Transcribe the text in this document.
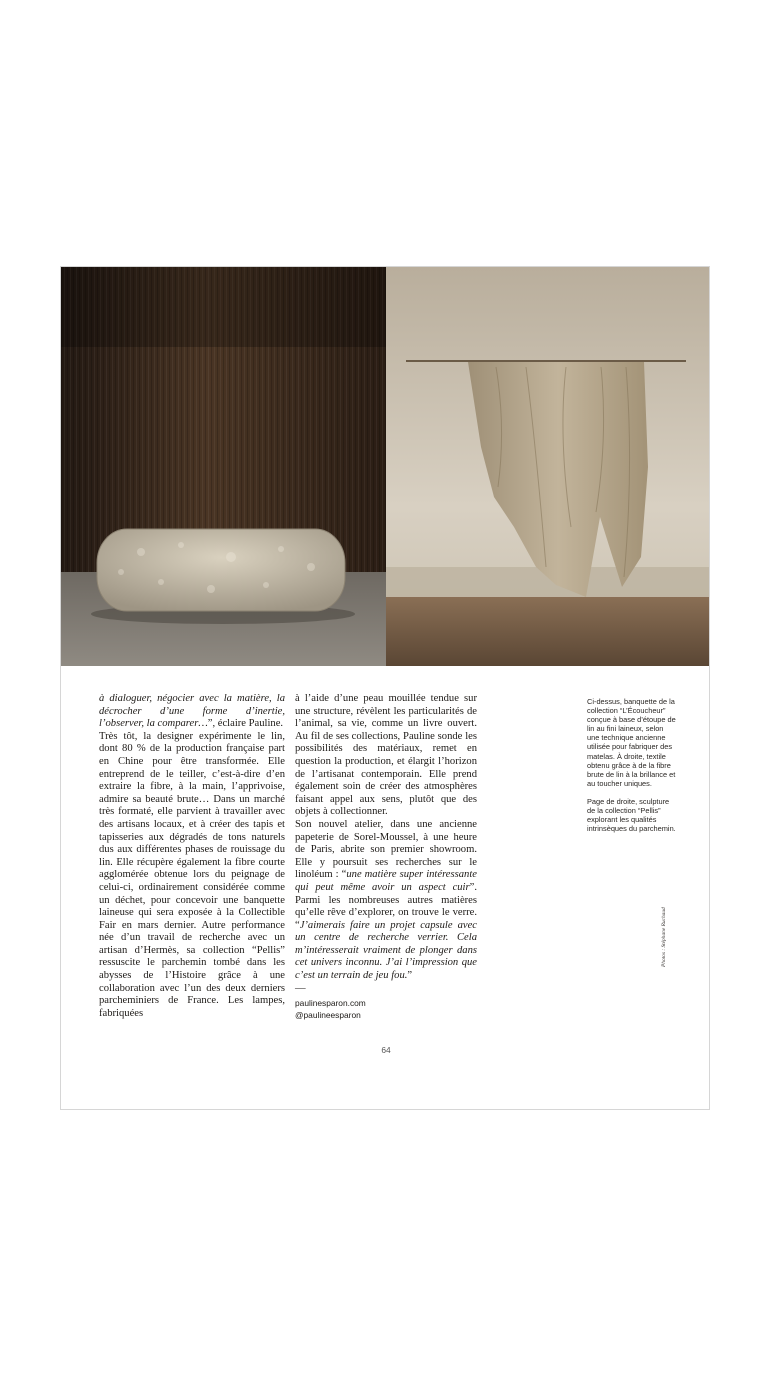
à dialoguer, négocier avec la matière, la décrocher d’une forme d’inertie, l’observer, la comparer…”, éclaire Pauline.

Très tôt, la designer expérimente le lin, dont 80 % de la production française part en Chine pour être transformée. Elle entreprend de le teiller, c’est-à-dire d’en extraire la fibre, à la main, l’apprivoise, admire sa beauté brute… Dans un marché très formaté, elle parvient à travailler avec des artisans locaux, et à créer des tapis et tapisseries aux dégradés de tons naturels dus aux différentes phases de rouissage du lin. Elle récupère également la fibre courte agglomérée obtenue lors du peignage de celui-ci, ordinairement considérée comme un déchet, pour concevoir une banquette laineuse qui sera exposée à la Collectible Fair en mars dernier. Autre performance née d’un travail de recherche avec un artisan d’Hermès, sa collection “Pellis” ressuscite le parchemin tombé dans les abysses de l’Histoire grâce à une collaboration avec l’un des deux derniers parcheminiers de France. Les lampes, fabriquées

à l’aide d’une peau mouillée tendue sur une structure, révèlent les particularités de l’animal, sa vie, comme un livre ouvert. Au fil de ses collections, Pauline sonde les possibilités des matériaux, remet en question la production, et élargit l’horizon de l’artisanat contemporain. Elle prend également soin de créer des atmosphères faisant appel aux sens, plutôt que des objets à collectionner.

Son nouvel atelier, dans une ancienne papeterie de Sorel-Moussel, à une heure de Paris, abrite son premier showroom. Elle y poursuit ses recherches sur le linoléum : “une matière super intéressante qui peut même avoir un aspect cuir”. Parmi les nombreuses autres matières qu’elle rêve d’explorer, on trouve le verre. “J’aimerais faire un projet capsule avec un centre de recherche verrier. Cela m’intéresserait vraiment de plonger dans cet univers inconnu. J’ai l’impression que c’est un terrain de jeu fou.”

—

paulinesparon.com
@paulineesparon

Ci-dessus, banquette de la collection “L’Écoucheur” conçue à base d’étoupe de lin au fini laineux, selon une technique ancienne utilisée pour fabriquer des matelas. À droite, textile obtenu grâce à de la fibre brute de lin à la brillance et au toucher uniques.

Page de droite, sculpture de la collection “Pellis” explorant les qualités intrinsèques du parchemin.

Photos : Stéphane Ruchaud
64
